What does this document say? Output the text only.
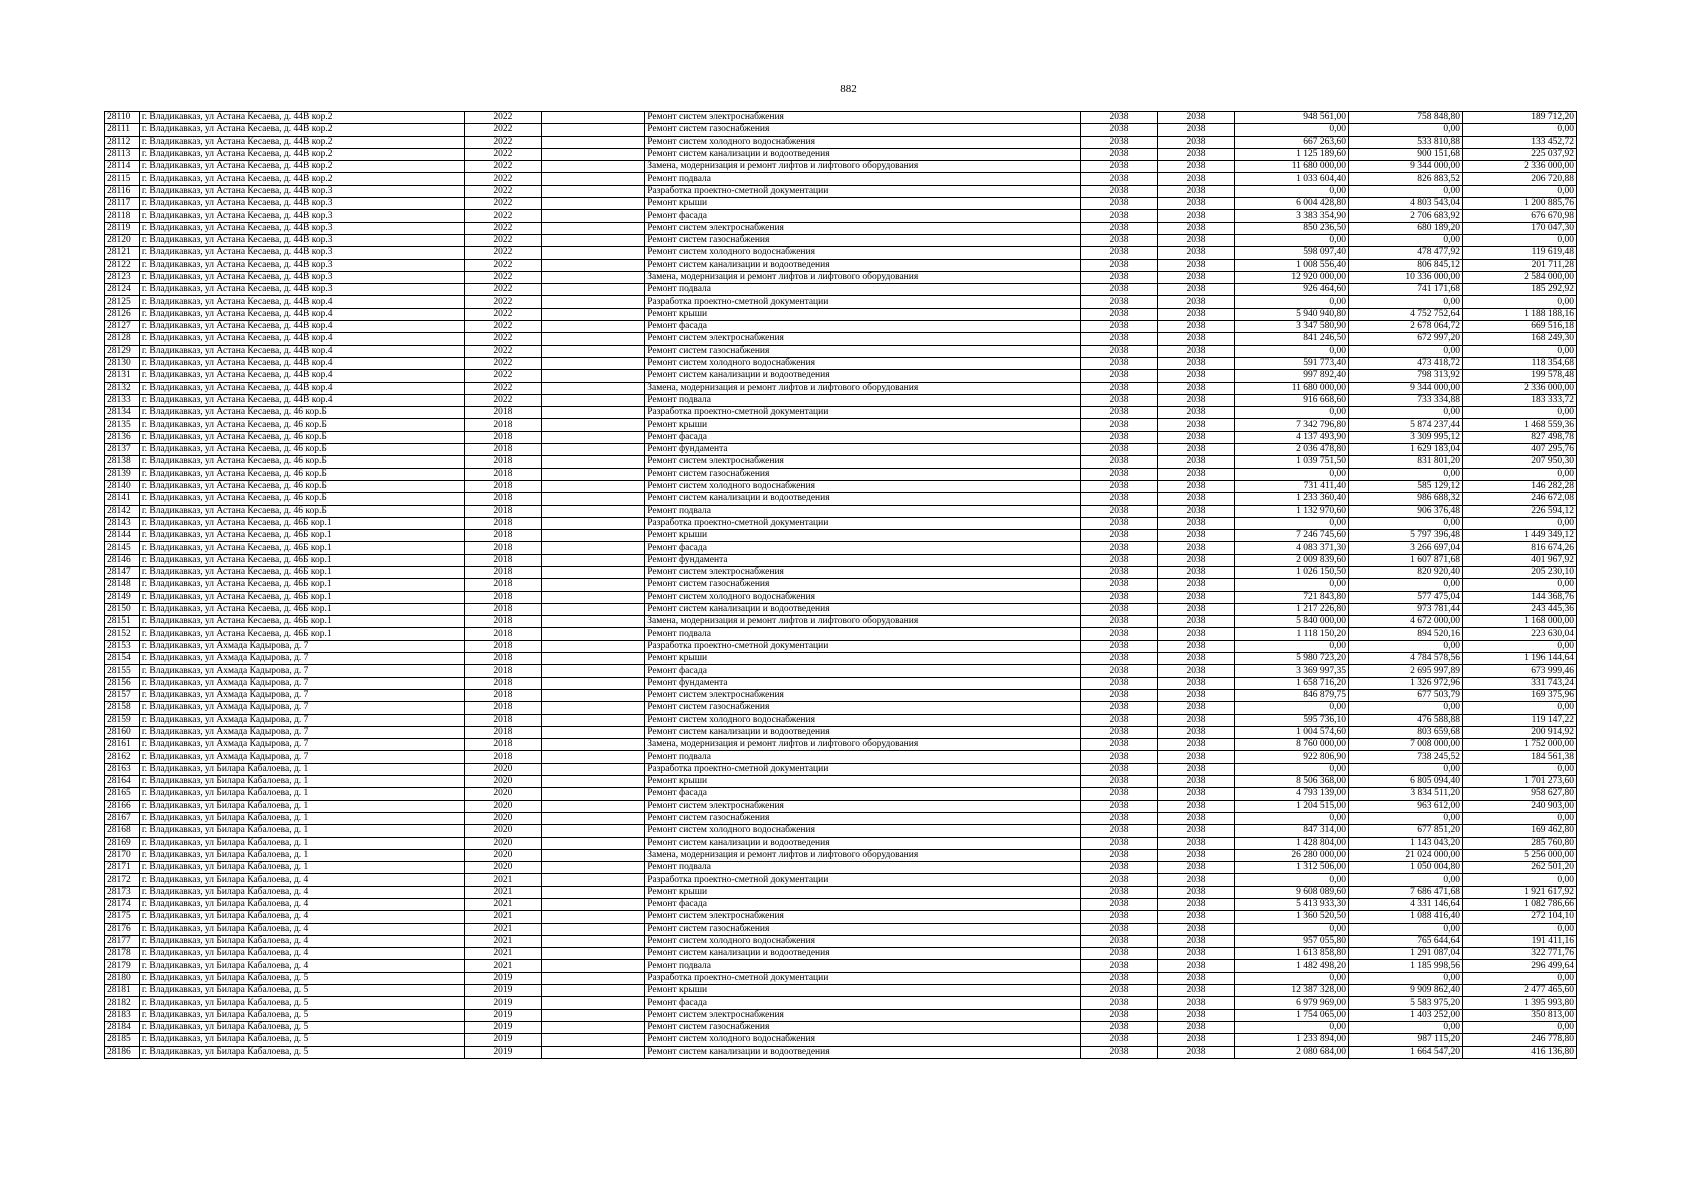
882
28110	г. Владикавказ, ул Астана Кесаева, д. 44В кор.2	2022		Ремонт систем электроснабжения	2038	2038	948 561,00	758 848,80	189 712,20
28111	г. Владикавказ, ул Астана Кесаева, д. 44В кор.2	2022		Ремонт систем газоснабжения	2038	2038	0,00	0,00	0,00
28112	г. Владикавказ, ул Астана Кесаева, д. 44В кор.2	2022		Ремонт систем холодного водоснабжения	2038	2038	667 263,60	533 810,88	133 452,72
28113	г. Владикавказ, ул Астана Кесаева, д. 44В кор.2	2022		Ремонт систем канализации и водоотведения	2038	2038	1 125 189,60	900 151,68	225 037,92
28114	г. Владикавказ, ул Астана Кесаева, д. 44В кор.2	2022		Замена, модернизация и ремонт лифтов и лифтового оборудования	2038	2038	11 680 000,00	9 344 000,00	2 336 000,00
28115	г. Владикавказ, ул Астана Кесаева, д. 44В кор.2	2022		Ремонт подвала	2038	2038	1 033 604,40	826 883,52	206 720,88
28116	г. Владикавказ, ул Астана Кесаева, д. 44В кор.3	2022		Разработка проектно-сметной документации	2038	2038	0,00	0,00	0,00
28117	г. Владикавказ, ул Астана Кесаева, д. 44В кор.3	2022		Ремонт крыши	2038	2038	6 004 428,80	4 803 543,04	1 200 885,76
28118	г. Владикавказ, ул Астана Кесаева, д. 44В кор.3	2022		Ремонт фасада	2038	2038	3 383 354,90	2 706 683,92	676 670,98
28119	г. Владикавказ, ул Астана Кесаева, д. 44В кор.3	2022		Ремонт систем электроснабжения	2038	2038	850 236,50	680 189,20	170 047,30
28120	г. Владикавказ, ул Астана Кесаева, д. 44В кор.3	2022		Ремонт систем газоснабжения	2038	2038	0,00	0,00	0,00
28121	г. Владикавказ, ул Астана Кесаева, д. 44В кор.3	2022		Ремонт систем холодного водоснабжения	2038	2038	598 097,40	478 477,92	119 619,48
28122	г. Владикавказ, ул Астана Кесаева, д. 44В кор.3	2022		Ремонт систем канализации и водоотведения	2038	2038	1 008 556,40	806 845,12	201 711,28
28123	г. Владикавказ, ул Астана Кесаева, д. 44В кор.3	2022		Замена, модернизация и ремонт лифтов и лифтового оборудования	2038	2038	12 920 000,00	10 336 000,00	2 584 000,00
28124	г. Владикавказ, ул Астана Кесаева, д. 44В кор.3	2022		Ремонт подвала	2038	2038	926 464,60	741 171,68	185 292,92
28125	г. Владикавказ, ул Астана Кесаева, д. 44В кор.4	2022		Разработка проектно-сметной документации	2038	2038	0,00	0,00	0,00
28126	г. Владикавказ, ул Астана Кесаева, д. 44В кор.4	2022		Ремонт крыши	2038	2038	5 940 940,80	4 752 752,64	1 188 188,16
28127	г. Владикавказ, ул Астана Кесаева, д. 44В кор.4	2022		Ремонт фасада	2038	2038	3 347 580,90	2 678 064,72	669 516,18
28128	г. Владикавказ, ул Астана Кесаева, д. 44В кор.4	2022		Ремонт систем электроснабжения	2038	2038	841 246,50	672 997,20	168 249,30
28129	г. Владикавказ, ул Астана Кесаева, д. 44В кор.4	2022		Ремонт систем газоснабжения	2038	2038	0,00	0,00	0,00
28130	г. Владикавказ, ул Астана Кесаева, д. 44В кор.4	2022		Ремонт систем холодного водоснабжения	2038	2038	591 773,40	473 418,72	118 354,68
28131	г. Владикавказ, ул Астана Кесаева, д. 44В кор.4	2022		Ремонт систем канализации и водоотведения	2038	2038	997 892,40	798 313,92	199 578,48
28132	г. Владикавказ, ул Астана Кесаева, д. 44В кор.4	2022		Замена, модернизация и ремонт лифтов и лифтового оборудования	2038	2038	11 680 000,00	9 344 000,00	2 336 000,00
28133	г. Владикавказ, ул Астана Кесаева, д. 44В кор.4	2022		Ремонт подвала	2038	2038	916 668,60	733 334,88	183 333,72
28134	г. Владикавказ, ул Астана Кесаева, д. 46 кор.Б	2018		Разработка проектно-сметной документации	2038	2038	0,00	0,00	0,00
28135	г. Владикавказ, ул Астана Кесаева, д. 46 кор.Б	2018		Ремонт крыши	2038	2038	7 342 796,80	5 874 237,44	1 468 559,36
28136	г. Владикавказ, ул Астана Кесаева, д. 46 кор.Б	2018		Ремонт фасада	2038	2038	4 137 493,90	3 309 995,12	827 498,78
28137	г. Владикавказ, ул Астана Кесаева, д. 46 кор.Б	2018		Ремонт фундамента	2038	2038	2 036 478,80	1 629 183,04	407 295,76
28138	г. Владикавказ, ул Астана Кесаева, д. 46 кор.Б	2018		Ремонт систем электроснабжения	2038	2038	1 039 751,50	831 801,20	207 950,30
28139	г. Владикавказ, ул Астана Кесаева, д. 46 кор.Б	2018		Ремонт систем газоснабжения	2038	2038	0,00	0,00	0,00
28140	г. Владикавказ, ул Астана Кесаева, д. 46 кор.Б	2018		Ремонт систем холодного водоснабжения	2038	2038	731 411,40	585 129,12	146 282,28
28141	г. Владикавказ, ул Астана Кесаева, д. 46 кор.Б	2018		Ремонт систем канализации и водоотведения	2038	2038	1 233 360,40	986 688,32	246 672,08
28142	г. Владикавказ, ул Астана Кесаева, д. 46 кор.Б	2018		Ремонт подвала	2038	2038	1 132 970,60	906 376,48	226 594,12
28143	г. Владикавказ, ул Астана Кесаева, д. 46Б кор.1	2018		Разработка проектно-сметной документации	2038	2038	0,00	0,00	0,00
28144	г. Владикавказ, ул Астана Кесаева, д. 46Б кор.1	2018		Ремонт крыши	2038	2038	7 246 745,60	5 797 396,48	1 449 349,12
28145	г. Владикавказ, ул Астана Кесаева, д. 46Б кор.1	2018		Ремонт фасада	2038	2038	4 083 371,30	3 266 697,04	816 674,26
28146	г. Владикавказ, ул Астана Кесаева, д. 46Б кор.1	2018		Ремонт фундамента	2038	2038	2 009 839,60	1 607 871,68	401 967,92
28147	г. Владикавказ, ул Астана Кесаева, д. 46Б кор.1	2018		Ремонт систем электроснабжения	2038	2038	1 026 150,50	820 920,40	205 230,10
28148	г. Владикавказ, ул Астана Кесаева, д. 46Б кор.1	2018		Ремонт систем газоснабжения	2038	2038	0,00	0,00	0,00
28149	г. Владикавказ, ул Астана Кесаева, д. 46Б кор.1	2018		Ремонт систем холодного водоснабжения	2038	2038	721 843,80	577 475,04	144 368,76
28150	г. Владикавказ, ул Астана Кесаева, д. 46Б кор.1	2018		Ремонт систем канализации и водоотведения	2038	2038	1 217 226,80	973 781,44	243 445,36
28151	г. Владикавказ, ул Астана Кесаева, д. 46Б кор.1	2018		Замена, модернизация и ремонт лифтов и лифтового оборудования	2038	2038	5 840 000,00	4 672 000,00	1 168 000,00
28152	г. Владикавказ, ул Астана Кесаева, д. 46Б кор.1	2018		Ремонт подвала	2038	2038	1 118 150,20	894 520,16	223 630,04
28153	г. Владикавказ, ул Ахмада Кадырова, д. 7	2018		Разработка проектно-сметной документации	2038	2038	0,00	0,00	0,00
28154	г. Владикавказ, ул Ахмада Кадырова, д. 7	2018		Ремонт крыши	2038	2038	5 980 723,20	4 784 578,56	1 196 144,64
28155	г. Владикавказ, ул Ахмада Кадырова, д. 7	2018		Ремонт фасада	2038	2038	3 369 997,35	2 695 997,89	673 999,46
28156	г. Владикавказ, ул Ахмада Кадырова, д. 7	2018		Ремонт фундамента	2038	2038	1 658 716,20	1 326 972,96	331 743,24
28157	г. Владикавказ, ул Ахмада Кадырова, д. 7	2018		Ремонт систем электроснабжения	2038	2038	846 879,75	677 503,79	169 375,96
28158	г. Владикавказ, ул Ахмада Кадырова, д. 7	2018		Ремонт систем газоснабжения	2038	2038	0,00	0,00	0,00
28159	г. Владикавказ, ул Ахмада Кадырова, д. 7	2018		Ремонт систем холодного водоснабжения	2038	2038	595 736,10	476 588,88	119 147,22
28160	г. Владикавказ, ул Ахмада Кадырова, д. 7	2018		Ремонт систем канализации и водоотведения	2038	2038	1 004 574,60	803 659,68	200 914,92
28161	г. Владикавказ, ул Ахмада Кадырова, д. 7	2018		Замена, модернизация и ремонт лифтов и лифтового оборудования	2038	2038	8 760 000,00	7 008 000,00	1 752 000,00
28162	г. Владикавказ, ул Ахмада Кадырова, д. 7	2018		Ремонт подвала	2038	2038	922 806,90	738 245,52	184 561,38
28163	г. Владикавказ, ул Билара Кабалоева, д. 1	2020		Разработка проектно-сметной документации	2038	2038	0,00	0,00	0,00
28164	г. Владикавказ, ул Билара Кабалоева, д. 1	2020		Ремонт крыши	2038	2038	8 506 368,00	6 805 094,40	1 701 273,60
28165	г. Владикавказ, ул Билара Кабалоева, д. 1	2020		Ремонт фасада	2038	2038	4 793 139,00	3 834 511,20	958 627,80
28166	г. Владикавказ, ул Билара Кабалоева, д. 1	2020		Ремонт систем электроснабжения	2038	2038	1 204 515,00	963 612,00	240 903,00
28167	г. Владикавказ, ул Билара Кабалоева, д. 1	2020		Ремонт систем газоснабжения	2038	2038	0,00	0,00	0,00
28168	г. Владикавказ, ул Билара Кабалоева, д. 1	2020		Ремонт систем холодного водоснабжения	2038	2038	847 314,00	677 851,20	169 462,80
28169	г. Владикавказ, ул Билара Кабалоева, д. 1	2020		Ремонт систем канализации и водоотведения	2038	2038	1 428 804,00	1 143 043,20	285 760,80
28170	г. Владикавказ, ул Билара Кабалоева, д. 1	2020		Замена, модернизация и ремонт лифтов и лифтового оборудования	2038	2038	26 280 000,00	21 024 000,00	5 256 000,00
28171	г. Владикавказ, ул Билара Кабалоева, д. 1	2020		Ремонт подвала	2038	2038	1 312 506,00	1 050 004,80	262 501,20
28172	г. Владикавказ, ул Билара Кабалоева, д. 4	2021		Разработка проектно-сметной документации	2038	2038	0,00	0,00	0,00
28173	г. Владикавказ, ул Билара Кабалоева, д. 4	2021		Ремонт крыши	2038	2038	9 608 089,60	7 686 471,68	1 921 617,92
28174	г. Владикавказ, ул Билара Кабалоева, д. 4	2021		Ремонт фасада	2038	2038	5 413 933,30	4 331 146,64	1 082 786,66
28175	г. Владикавказ, ул Билара Кабалоева, д. 4	2021		Ремонт систем электроснабжения	2038	2038	1 360 520,50	1 088 416,40	272 104,10
28176	г. Владикавказ, ул Билара Кабалоева, д. 4	2021		Ремонт систем газоснабжения	2038	2038	0,00	0,00	0,00
28177	г. Владикавказ, ул Билара Кабалоева, д. 4	2021		Ремонт систем холодного водоснабжения	2038	2038	957 055,80	765 644,64	191 411,16
28178	г. Владикавказ, ул Билара Кабалоева, д. 4	2021		Ремонт систем канализации и водоотведения	2038	2038	1 613 858,80	1 291 087,04	322 771,76
28179	г. Владикавказ, ул Билара Кабалоева, д. 4	2021		Ремонт подвала	2038	2038	1 482 498,20	1 185 998,56	296 499,64
28180	г. Владикавказ, ул Билара Кабалоева, д. 5	2019		Разработка проектно-сметной документации	2038	2038	0,00	0,00	0,00
28181	г. Владикавказ, ул Билара Кабалоева, д. 5	2019		Ремонт крыши	2038	2038	12 387 328,00	9 909 862,40	2 477 465,60
28182	г. Владикавказ, ул Билара Кабалоева, д. 5	2019		Ремонт фасада	2038	2038	6 979 969,00	5 583 975,20	1 395 993,80
28183	г. Владикавказ, ул Билара Кабалоева, д. 5	2019		Ремонт систем электроснабжения	2038	2038	1 754 065,00	1 403 252,00	350 813,00
28184	г. Владикавказ, ул Билара Кабалоева, д. 5	2019		Ремонт систем газоснабжения	2038	2038	0,00	0,00	0,00
28185	г. Владикавказ, ул Билара Кабалоева, д. 5	2019		Ремонт систем холодного водоснабжения	2038	2038	1 233 894,00	987 115,20	246 778,80
28186	г. Владикавказ, ул Билара Кабалоева, д. 5	2019		Ремонт систем канализации и водоотведения	2038	2038	2 080 684,00	1 664 547,20	416 136,80
